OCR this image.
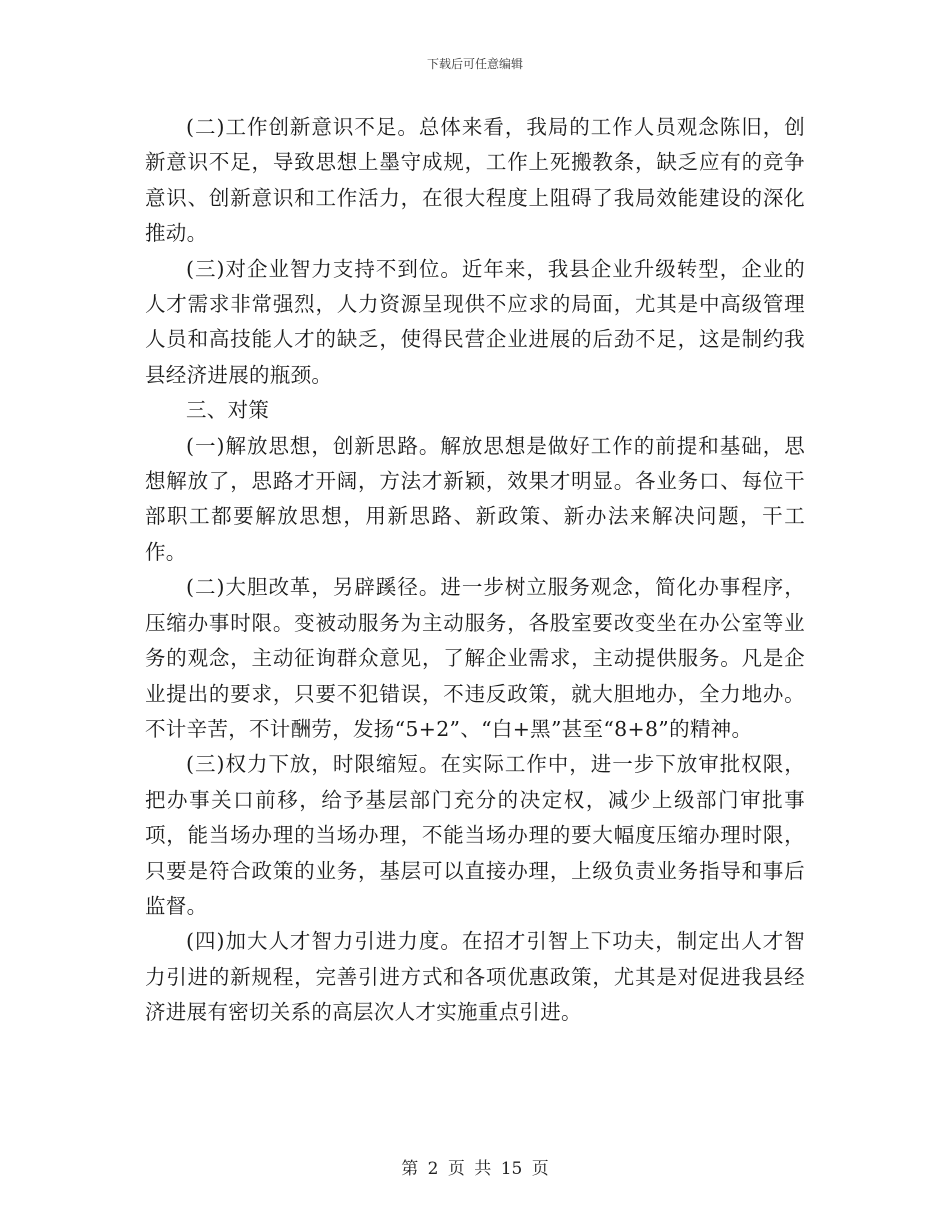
下载后可任意编辑

(二)工作创新意识不足。总体来看，我局的工作人员观念陈旧，创新意识不足，导致思想上墨守成规，工作上死搬教条，缺乏应有的竞争意识、创新意识和工作活力，在很大程度上阻碍了我局效能建设的深化推动。

(三)对企业智力支持不到位。近年来，我县企业升级转型，企业的人才需求非常强烈，人力资源呈现供不应求的局面，尤其是中高级管理人员和高技能人才的缺乏，使得民营企业进展的后劲不足，这是制约我县经济进展的瓶颈。

三、对策

(一)解放思想，创新思路。解放思想是做好工作的前提和基础，思想解放了，思路才开阔，方法才新颖，效果才明显。各业务口、每位干部职工都要解放思想，用新思路、新政策、新办法来解决问题，干工作。

(二)大胆改革，另辟蹊径。进一步树立服务观念，简化办事程序，压缩办事时限。变被动服务为主动服务，各股室要改变坐在办公室等业务的观念，主动征询群众意见，了解企业需求，主动提供服务。凡是企业提出的要求，只要不犯错误，不违反政策，就大胆地办，全力地办。不计辛苦，不计酬劳，发扬“5+2”、“白+黑”甚至“8+8”的精神。

(三)权力下放，时限缩短。在实际工作中，进一步下放审批权限，把办事关口前移，给予基层部门充分的决定权，减少上级部门审批事项，能当场办理的当场办理，不能当场办理的要大幅度压缩办理时限，只要是符合政策的业务，基层可以直接办理，上级负责业务指导和事后监督。

(四)加大人才智力引进力度。在招才引智上下功夫，制定出人才智力引进的新规程，完善引进方式和各项优惠政策，尤其是对促进我县经济进展有密切关系的高层次人才实施重点引进。

第 2 页 共 15 页
